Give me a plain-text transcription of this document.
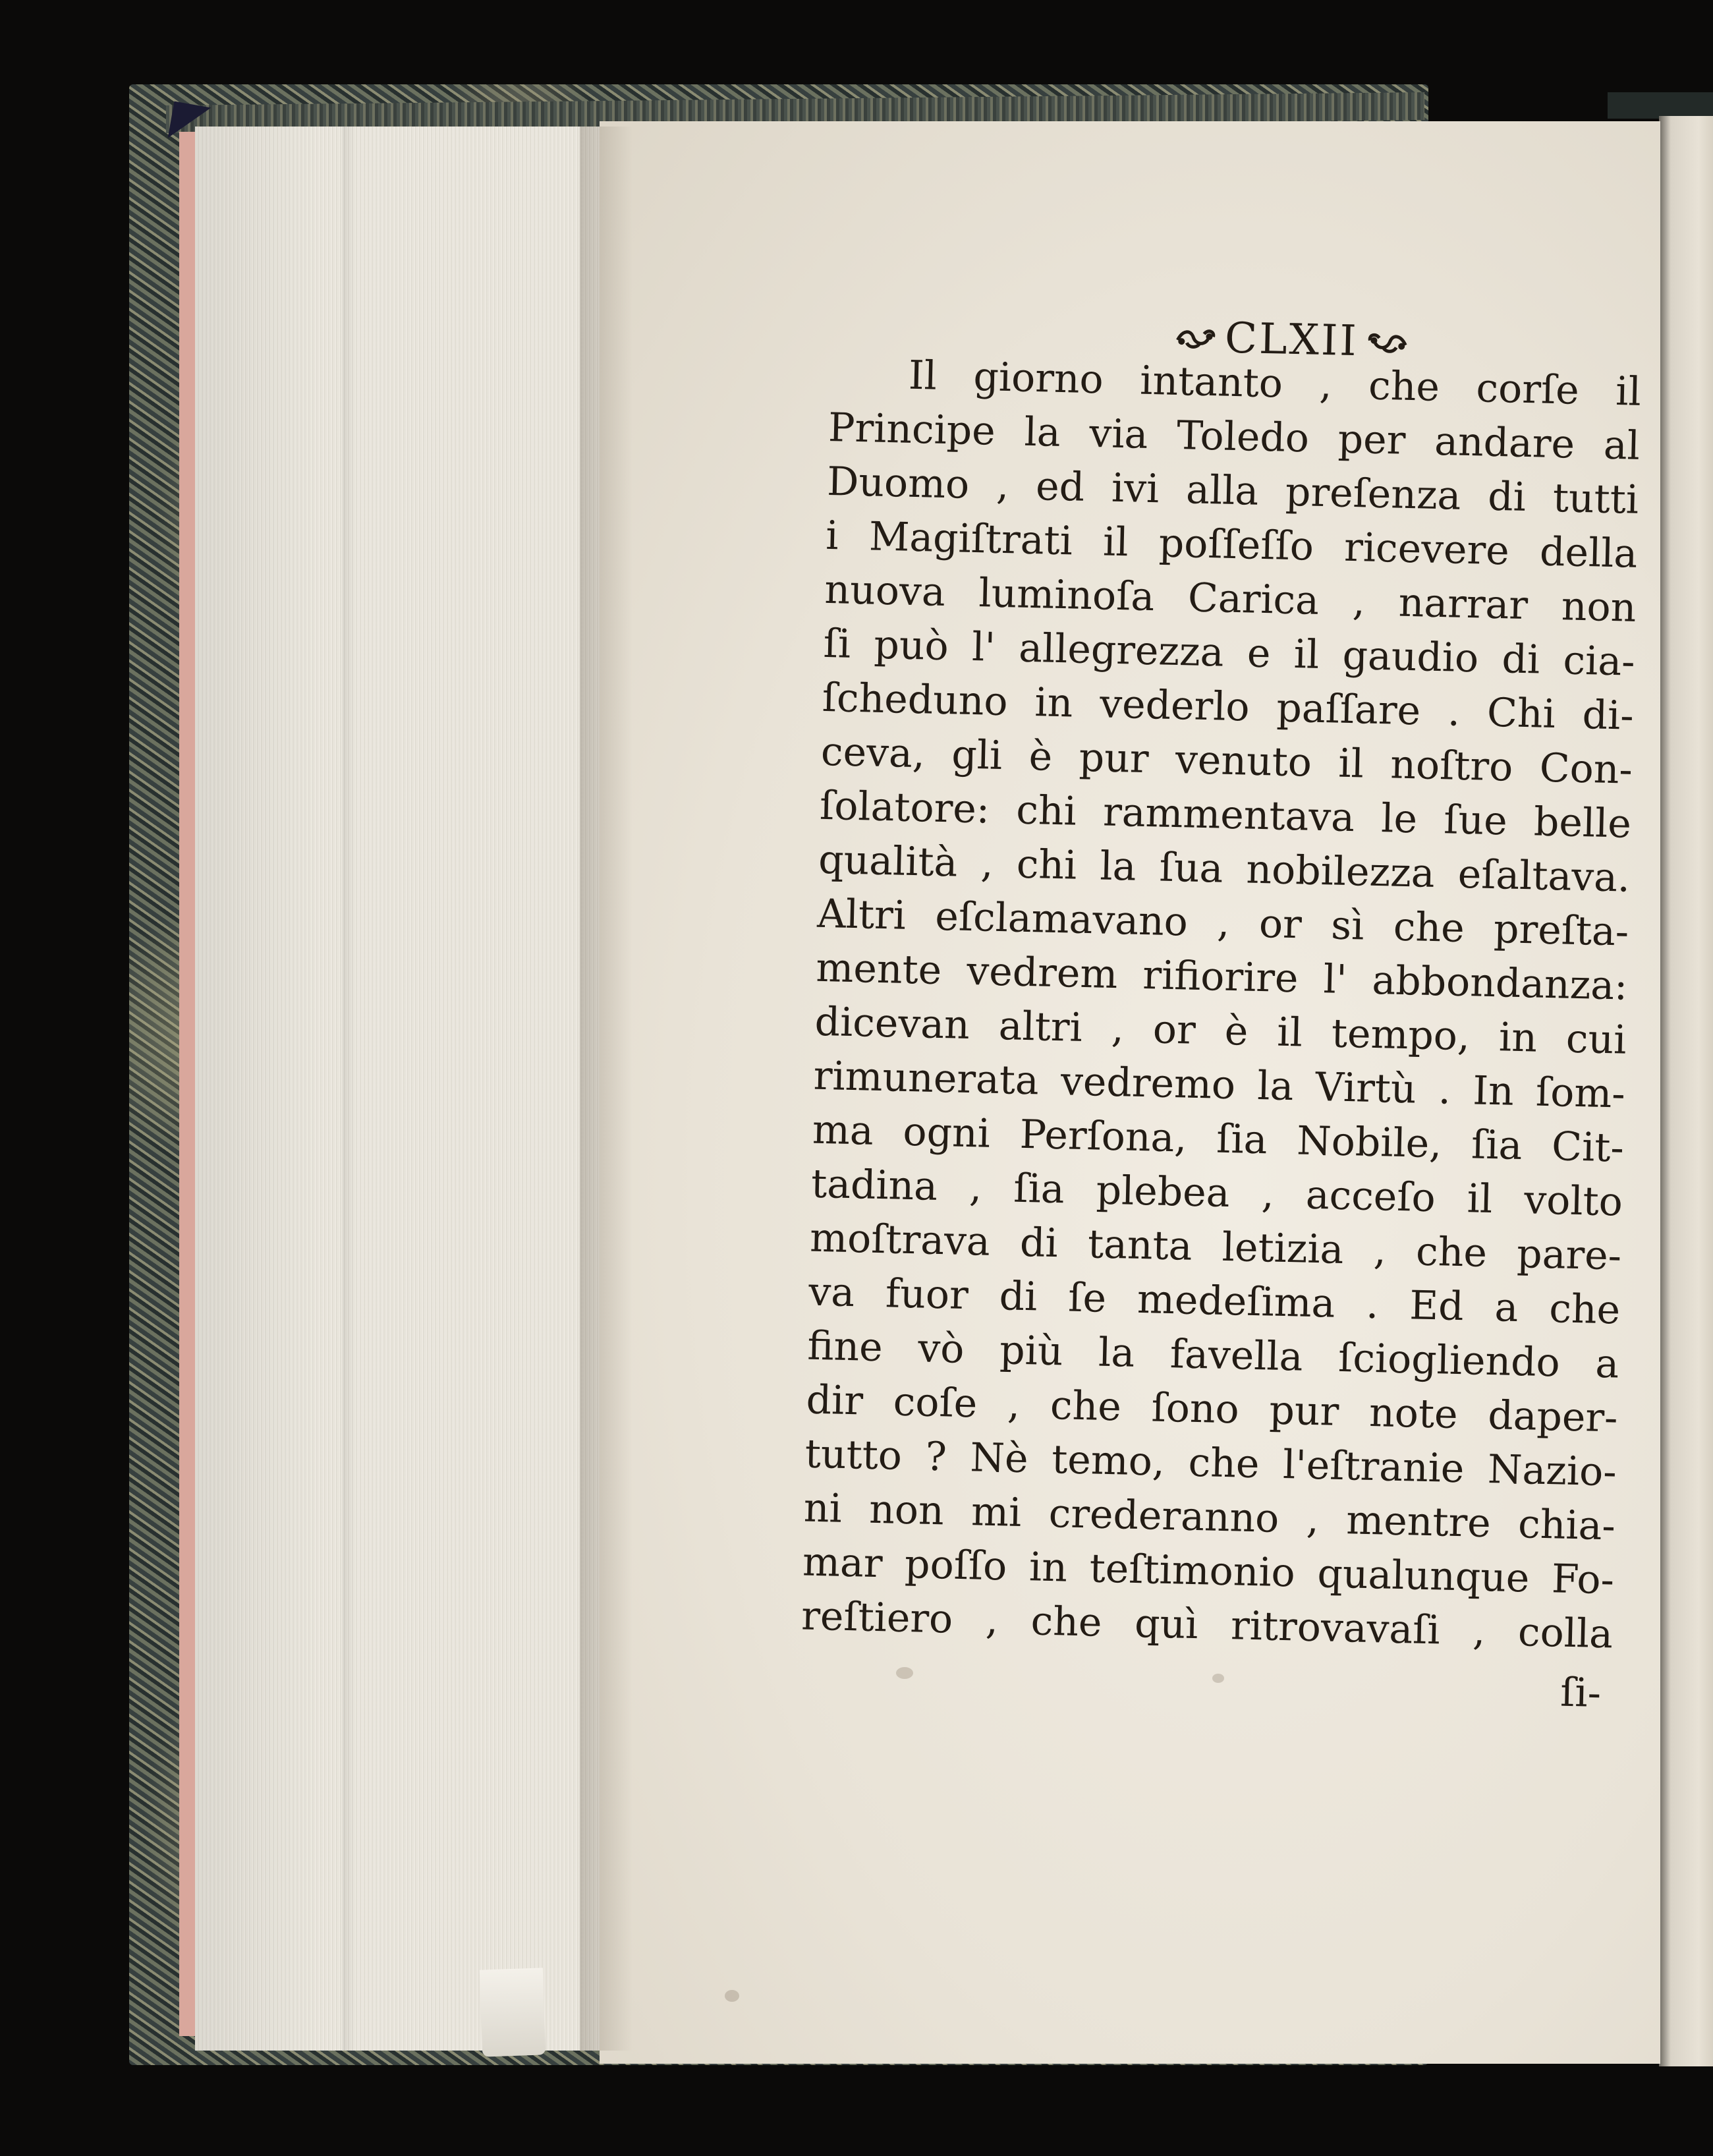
CLXII
Il giorno intanto , che corſe il
Principe la via Toledo per andare al
Duomo , ed ivi alla preſenza di tutti
i Magiſtrati il poſſeſſo ricevere della
nuova luminoſa Carica , narrar non
ſi può l' allegrezza e il gaudio di cia-
ſchedunо in vederlo paſſare . Chi di-
ceva, gli è pur venuto il noſtro Con-
ſolatore: chi rammentava le ſue belle
qualità , chi la ſua nobilezza eſaltava.
Altri eſclamavano , or sì che preſta-
mente vedrem rifiorire l' abbondanza:
dicevan altri , or è il tempo, in cui
rimunerata vedremo la Virtù . In ſom-
ma ogni Perſona, ſia Nobile, ſia Cit-
tadina , ſia plebea , acceſo il volto
moſtrava di tanta letizia , che pare-
va fuor di ſe medeſima . Ed a che
fine vò più la favella ſciogliendo a
dir coſe , che ſono pur note daper-
tutto ? Nè temo, che l'eſtranie Nazio-
ni non mi crederanno , mentre chia-
mar poſſo in teſtimonio qualunque Fo-
reſtiero , che quì ritrovavaſi , colla
ſi-
